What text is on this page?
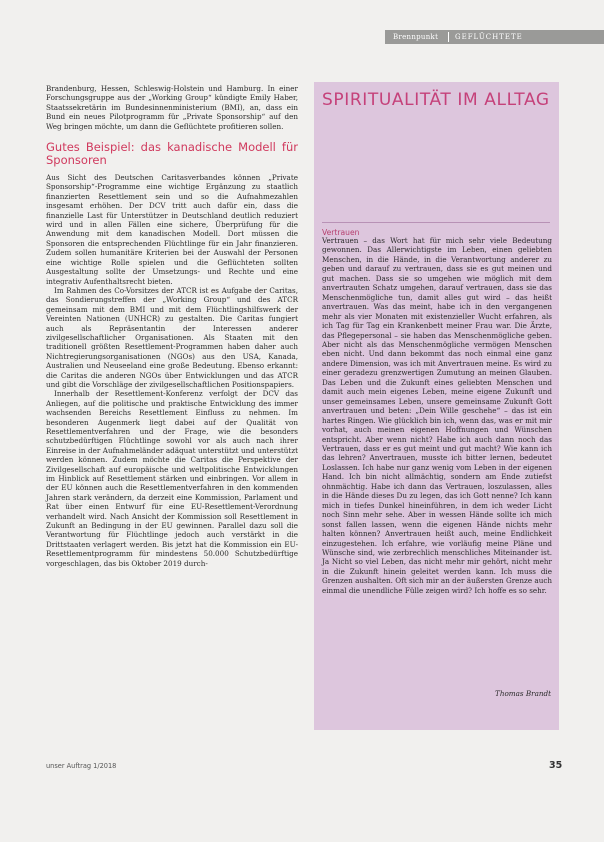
Brennpunkt GEFLÜCHTETE

Brandenburg, Hessen, Schleswig-Holstein und Hamburg. In einer Forschungsgruppe aus der „Working Group“ kündigte Emily Haber, Staatssekretärin im Bundesinnenministerium (BMI), an, dass ein Bund ein neues Pilotprogramm für „Private Sponsorship“ auf den Weg bringen möchte, um dann die Geflüchtete profitieren sollen.

Gutes Beispiel: das kanadische Modell für Sponsoren

Aus Sicht des Deutschen Caritasverbandes können „Private Sponsorship“-Programme eine wichtige Ergänzung zu staatlich finanzierten Resettlement sein und so die Aufnahmezahlen insgesamt erhöhen. Der DCV tritt auch dafür ein, dass die finanzielle Last für Unterstützer in Deutschland deutlich reduziert wird und in allen Fällen eine sichere, Überprüfung für die Anwendung mit dem kanadischen Modell. Dort müssen die Sponsoren die entsprechenden Flüchtlinge für ein Jahr finanzieren. Zudem sollen humanitäre Kriterien bei der Auswahl der Personen eine wichtige Rolle spielen und die Geflüchteten sollten Ausgestaltung sollte der Umsetzungs- und Rechte und eine integrativ Aufenthaltsrecht bieten.

Im Rahmen des Co-Vorsitzes der ATCR ist es Aufgabe der Caritas, das Sondierungstreffen der „Working Group“ und des ATCR gemeinsam mit dem BMI und mit dem Flüchtlingshilfswerk der Vereinten Nationen (UNHCR) zu gestalten. Die Caritas fungiert auch als Repräsentantin der Interessen anderer zivilgesellschaftlicher Organisationen. Als Staaten mit den traditionell größten Resettlement-Programmen haben daher auch Nichtregierungsorganisationen (NGOs) aus den USA, Kanada, Australien und Neuseeland eine große Bedeutung. Ebenso erkannt: die Caritas die anderen NGOs über Entwicklungen und das ATCR und gibt die Vorschläge der zivilgesellschaftlichen Positionspapiers.

Innerhalb der Resettlement-Konferenz verfolgt der DCV das Anliegen, auf die politische und praktische Entwicklung des immer wachsenden Bereichs Resettlement Einfluss zu nehmen. Im besonderen Augenmerk liegt dabei auf der Qualität von Resettlementverfahren und der Frage, wie die besonders schutzbedürftigen Flüchtlinge sowohl vor als auch nach ihrer Einreise in der Aufnahmeländer adäquat unterstützt und unterstützt werden können. Zudem möchte die Caritas die Perspektive der Zivilgesellschaft auf europäische und weltpolitische Entwicklungen im Hinblick auf Resettlement stärken und einbringen. Vor allem in der EU können auch die Resettlementverfahren in den kommenden Jahren stark verändern, da derzeit eine Kommission, Parlament und Rat über einen Entwurf für eine EU-Resettlement-Verordnung verhandelt wird. Nach Ansicht der Kommission soll Resettlement in Zukunft an Bedingung in der EU gewinnen. Parallel dazu soll die Verantwortung für Flüchtlinge jedoch auch verstärkt in die Drittstaaten verlagert werden. Bis jetzt hat die Kommission ein EU-Resettlementprogramm für mindestens 50.000 Schutzbedürftige vorgeschlagen, das bis Oktober 2019 durch-

SPIRITUALITÄT IM ALLTAG
Vertrauen
Vertrauen – das Wort hat für mich sehr viele Bedeutung gewonnen. Das Allerwichtigste im Leben, einen geliebten Menschen, in die Hände, in die Verantwortung anderer zu geben und darauf zu vertrauen, dass sie es gut meinen und gut machen. Dass sie so umgehen wie möglich mit dem anvertrauten Schatz umgehen, darauf vertrauen, dass sie das Menschenmögliche tun, damit alles gut wird – das heißt anvertrauen. Was das meint, habe ich in den vergangenen mehr als vier Monaten mit existenzieller Wucht erfahren, als ich Tag für Tag ein Krankenbett meiner Frau war. Die Ärzte, das Pflegepersonal – sie haben das Menschenmögliche geben. Aber nicht als das Menschenmögliche vermögen Menschen eben nicht. Und dann bekommt das noch einmal eine ganz andere Dimension, was ich mit Anvertrauen meine. Es wird zu einer geradezu grenzwertigen Zumutung an meinen Glauben. Das Leben und die Zukunft eines geliebten Menschen und damit auch mein eigenes Leben, meine eigene Zukunft und unser gemeinsames Leben, unsere gemeinsame Zukunft Gott anvertrauen und beten: „Dein Wille geschehe“ – das ist ein hartes Ringen. Wie glücklich bin ich, wenn das, was er mit mir vorhat, auch meinen eigenen Hoffnungen und Wünschen entspricht. Aber wenn nicht? Habe ich auch dann noch das Vertrauen, dass er es gut meint und gut macht? Wie kann ich das lehren? Anvertrauen, musste ich bitter lernen, bedeutet Loslassen. Ich habe nur ganz wenig vom Leben in der eigenen Hand. Ich bin nicht allmächtig, sondern am Ende zutiefst ohnmächtig. Habe ich dann das Vertrauen, loszulassen, alles in die Hände dieses Du zu legen, das ich Gott nenne? Ich kann mich in tiefes Dunkel hineinführen, in dem ich weder Licht noch Sinn mehr sehe. Aber in wessen Hände sollte ich mich sonst fallen lassen, wenn die eigenen Hände nichts mehr halten können? Anvertrauen heißt auch, meine Endlichkeit einzugestehen. Ich erfahre, wie vorläufig meine Pläne und Wünsche sind, wie zerbrechlich menschliches Miteinander ist. Ja Nicht so viel Leben, das nicht mehr mir gehört, nicht mehr in die Zukunft hinein geleitet werden kann. Ich muss die Grenzen aushalten. Oft sich mir an der äußersten Grenze auch einmal die unendliche Fülle zeigen wird? Ich hoffe es so sehr.
Thomas Brandt
unser Auftrag 1/2018	35
